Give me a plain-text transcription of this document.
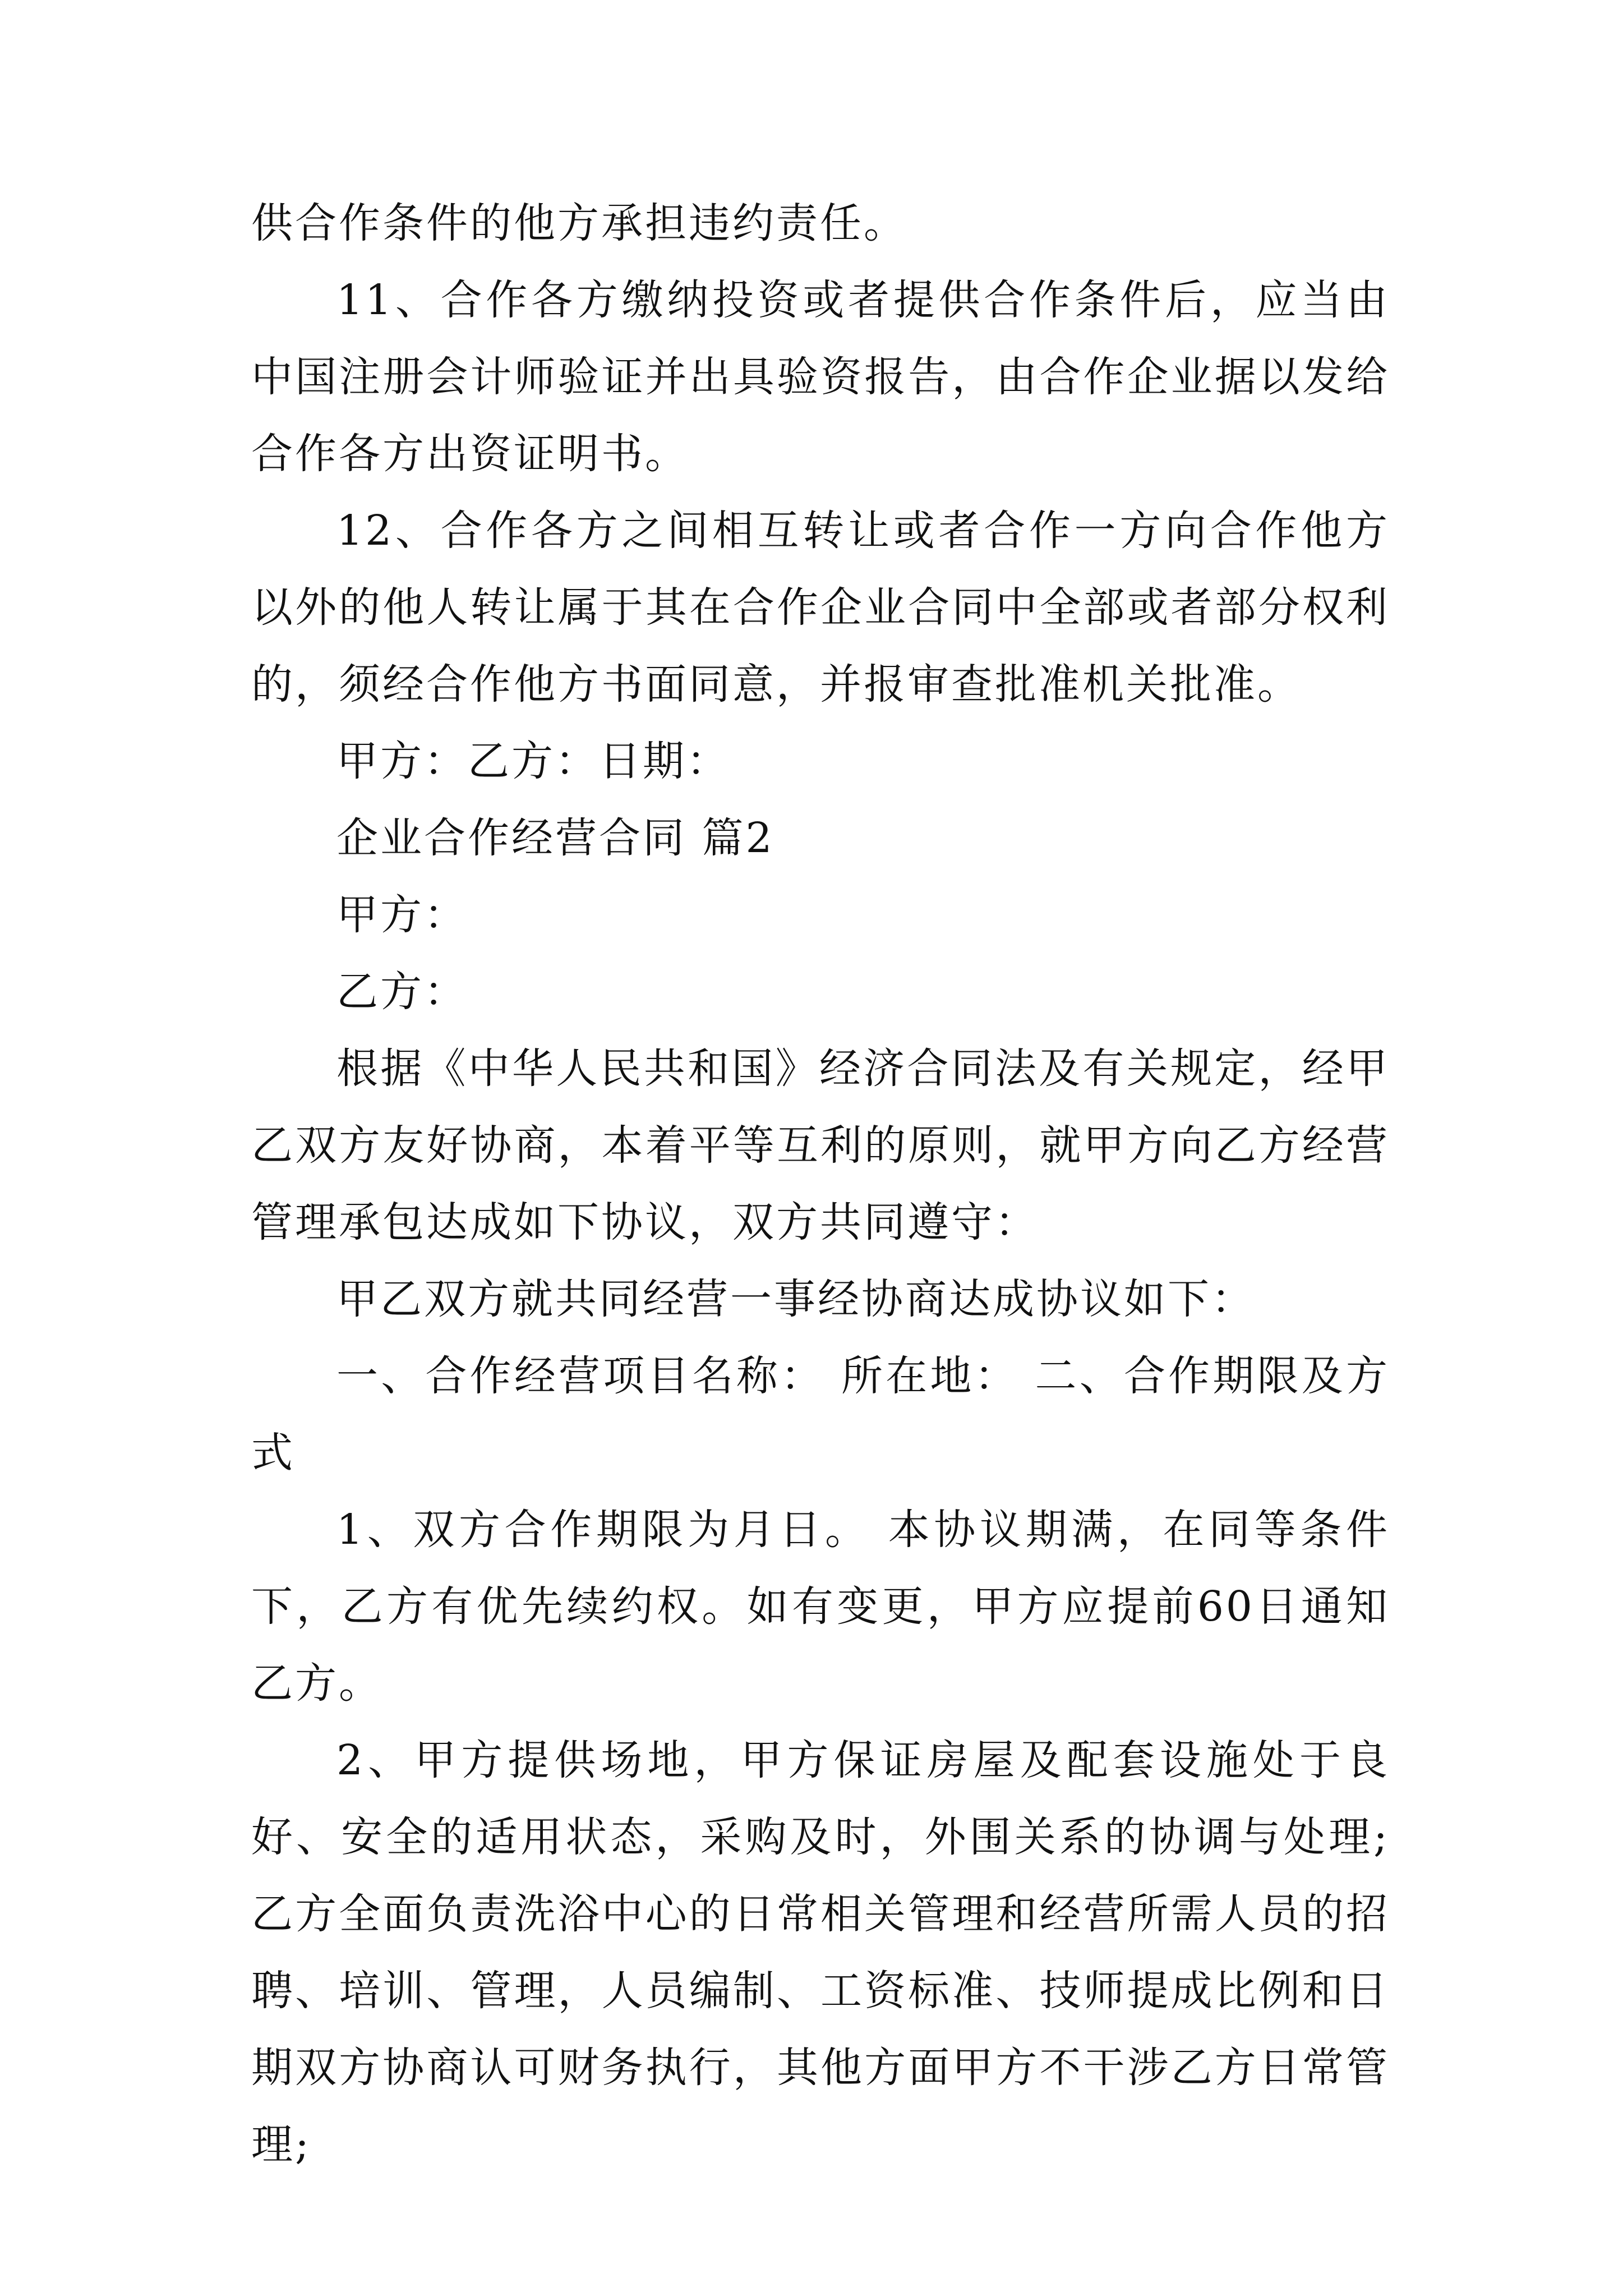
供合作条件的他方承担违约责任。

11、合作各方缴纳投资或者提供合作条件后，应当由中国注册会计师验证并出具验资报告，由合作企业据以发给合作各方出资证明书。

12、合作各方之间相互转让或者合作一方向合作他方以外的他人转让属于其在合作企业合同中全部或者部分权利的，须经合作他方书面同意，并报审查批准机关批准。

甲方：乙方：日期：

企业合作经营合同 篇2

甲方：

乙方：

根据《中华人民共和国》经济合同法及有关规定，经甲乙双方友好协商，本着平等互利的原则，就甲方向乙方经营管理承包达成如下协议，双方共同遵守：

甲乙双方就共同经营一事经协商达成协议如下：

一、合作经营项目名称： 所在地： 二、合作期限及方式

1、双方合作期限为月日。 本协议期满，在同等条件下，乙方有优先续约权。如有变更，甲方应提前60日通知乙方。

2、甲方提供场地，甲方保证房屋及配套设施处于良好、安全的适用状态，采购及时，外围关系的协调与处理;乙方全面负责洗浴中心的日常相关管理和经营所需人员的招聘、培训、管理，人员编制、工资标准、技师提成比例和日期双方协商认可财务执行，其他方面甲方不干涉乙方日常管理;
